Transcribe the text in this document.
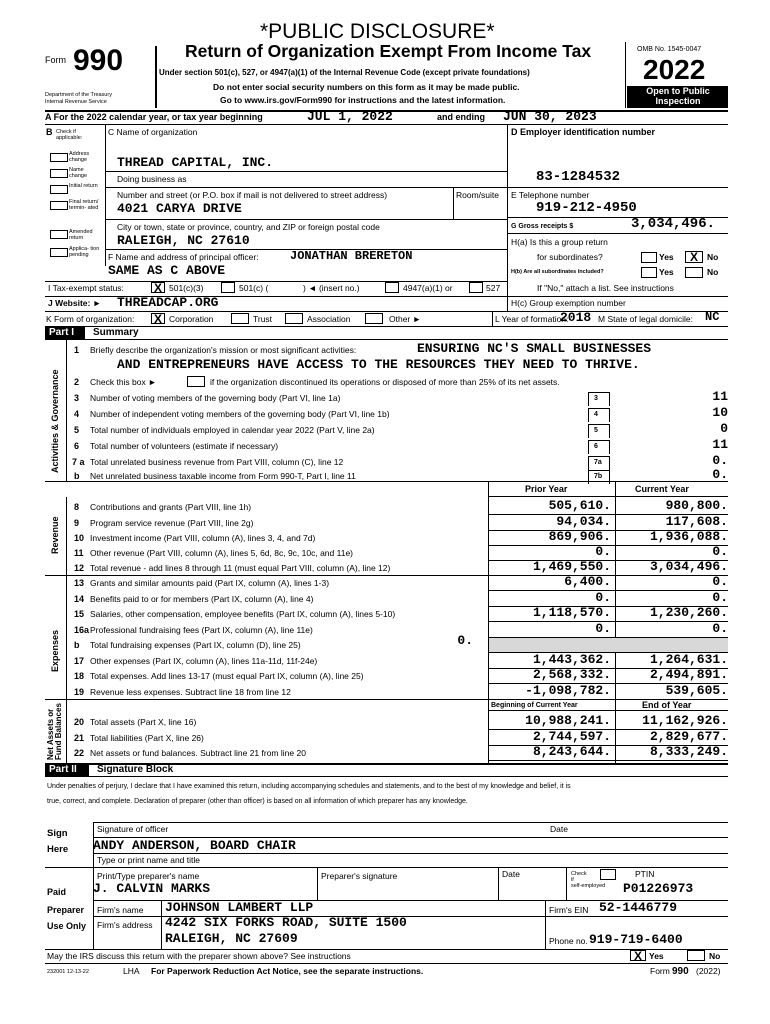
*PUBLIC DISCLOSURE*
Form 990
Department of the Treasury
Internal Revenue Service
Return of Organization Exempt From Income Tax
Under section 501(c), 527, or 4947(a)(1) of the Internal Revenue Code (except private foundations)
Do not enter social security numbers on this form as it may be made public.
Go to www.irs.gov/Form990 for instructions and the latest information.
OMB No. 1545-0047
2022
Open to Public
Inspection
A For the 2022 calendar year, or tax year beginning	JUL 1, 2022	and ending JUN 30, 2023
B Check if applicable:
Address change
Name change
Initial return
Final return/ termin- ated
Amended return
Applica- tion pending
C Name of organization
THREAD CAPITAL, INC.
Doing business as
Number and street (or P.O. box if mail is not delivered to street address)	Room/suite
4021 CARYA DRIVE
City or town, state or province, country, and ZIP or foreign postal code
RALEIGH, NC 27610
F Name and address of principal officer:	JONATHAN BRERETON
SAME AS C ABOVE
D Employer identification number
83-1284532
E Telephone number
919-212-4950
G Gross receipts $	3,034,496.
H(a) Is this a group return
for subordinates?	Yes	X	No
H(b) Are all subordinates included?	Yes	No
If "No," attach a list. See instructions
I Tax-exempt status:	X 501(c)(3)	501(c) (	) ◄ (insert no.)	4947(a)(1) or	527
J Website: ► THREADCAP.ORG	H(c) Group exemption number
K Form of organization: X Corporation	Trust	Association	Other ►	L Year of formation:
2018 M State of legal domicile: NC
Part I Summary
Activities & Governance
1 Briefly describe the organization's mission or most significant activities:	ENSURING NC'S SMALL BUSINESSES
AND ENTREPRENEURS HAVE ACCESS TO THE RESOURCES THEY NEED TO THRIVE.
2 Check this box ►	if the organization discontinued its operations or disposed of more than 25% of its net assets.
3 Number of voting members of the governing body (Part VI, line 1a)	3	11
4 Number of independent voting members of the governing body (Part VI, line 1b)	4	10
5 Total number of individuals employed in calendar year 2022 (Part V, line 2a)	5	0
6 Total number of volunteers (estimate if necessary)	6	11
7 a Total unrelated business revenue from Part VIII, column (C), line 12	7a	0.
b Net unrelated business taxable income from Form 990-T, Part I, line 11	7b	0.
Prior Year	Current Year
Revenue
8 Contributions and grants (Part VIII, line 1h)	505,610.	980,800.
9 Program service revenue (Part VIII, line 2g)	94,034.	117,608.
10 Investment income (Part VIII, column (A), lines 3, 4, and 7d)	869,906.	1,936,088.
11 Other revenue (Part VIII, column (A), lines 5, 6d, 8c, 9c, 10c, and 11e)	0.	0.
12 Total revenue - add lines 8 through 11 (must equal Part VIII, column (A), line 12)	1,469,550.	3,034,496.
Expenses
13 Grants and similar amounts paid (Part IX, column (A), lines 1-3)	6,400.	0.
14 Benefits paid to or for members (Part IX, column (A), line 4)	0.	0.
15 Salaries, other compensation, employee benefits (Part IX, column (A), lines 5-10)	1,118,570.	1,230,260.
16a Professional fundraising fees (Part IX, column (A), line 11e)	0.	0.
b Total fundraising expenses (Part IX, column (D), line 25)	0.
17 Other expenses (Part IX, column (A), lines 11a-11d, 11f-24e)	1,443,362.	1,264,631.
18 Total expenses. Add lines 13-17 (must equal Part IX, column (A), line 25)	2,568,332.	2,494,891.
19 Revenue less expenses. Subtract line 18 from line 12	-1,098,782.	539,605.
Beginning of Current Year	End of Year
Net Assets or Fund Balances 20 Total assets (Part X, line 16)	10,988,241. 11,162,926.
21 Total liabilities (Part X, line 26)	2,744,597.	2,829,677.
22 Net assets or fund balances. Subtract line 21 from line 20	8,243,644.	8,333,249.
Part II Signature Block
Under penalties of perjury, I declare that I have examined this return, including accompanying schedules and statements, and to the best of my knowledge and belief, it is
true, correct, and complete. Declaration of preparer (other than officer) is based on all information of which preparer has any knowledge.
Sign
Here
Signature of officer	Date
ANDY ANDERSON, BOARD CHAIR
Type or print name and title
Paid
Preparer
Use Only
Print/Type preparer's name	Preparer's signature	Date	Check
if
self-employed
PTIN
J. CALVIN MARKS	P01226973
Firm's name JOHNSON LAMBERT LLP	Firm's EIN 52-1446779
Firm's address 4242 SIX FORKS ROAD, SUITE 1500
RALEIGH, NC 27609	Phone no. 919-719-6400
May the IRS discuss this return with the preparer shown above? See instructions	X Yes	No
232001 12-13-22	LHA For Paperwork Reduction Act Notice, see the separate instructions.	Form 990 (2022)
